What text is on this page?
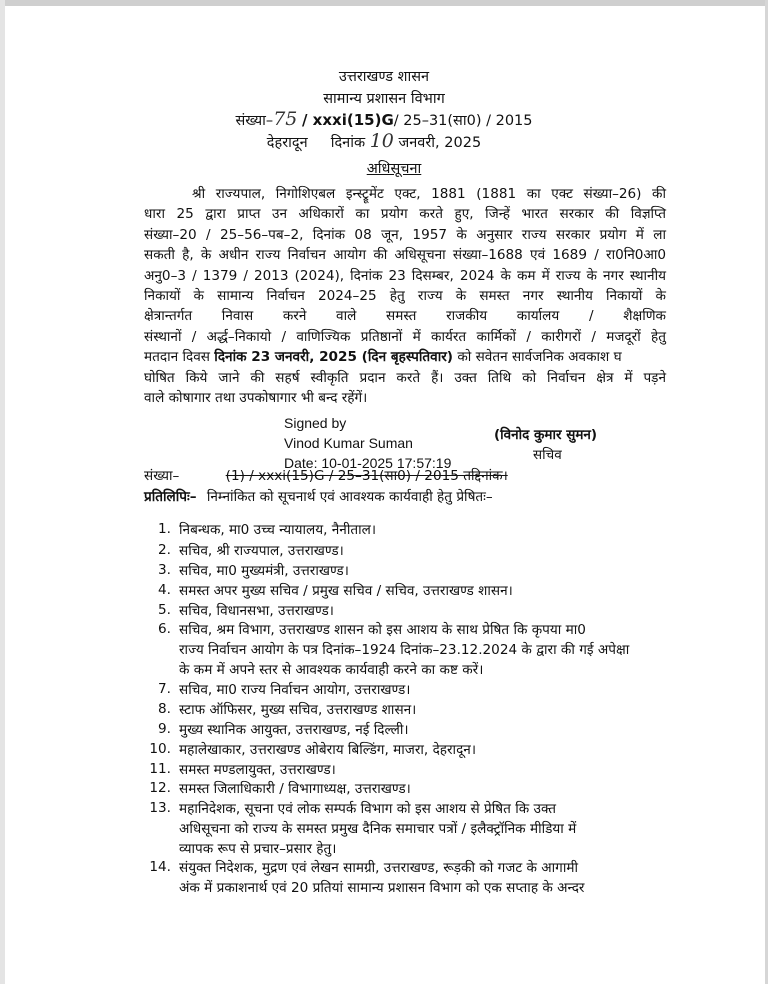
उत्तराखण्ड शासन
सामान्य प्रशासन विभाग
संख्या–75 / xxxi(15)G/ 25–31(सा0) / 2015
देहरादून दिनांक 10 जनवरी, 2025
अधिसूचना
श्री राज्यपाल, निगोशिएबल इन्स्ट्रूमेंट एक्ट, 1881 (1881 का एक्ट संख्या–26) की
धारा 25 द्वारा प्राप्त उन अधिकारों का प्रयोग करते हुए, जिन्हें भारत सरकार की विज्ञप्ति
संख्या–20 / 25–56–पब–2, दिनांक 08 जून, 1957 के अनुसार राज्य सरकार प्रयोग में ला
सकती है, के अधीन राज्य निर्वाचन आयोग की अधिसूचना संख्या–1688 एवं 1689 / रा0नि0आ0
अनु0–3 / 1379 / 2013 (2024), दिनांक 23 दिसम्बर, 2024 के कम में राज्य के नगर स्थानीय
निकायों के सामान्य निर्वाचन 2024–25 हेतु राज्य के समस्त नगर स्थानीय निकायों के
क्षेत्रान्तर्गत निवास करने वाले समस्त राजकीय कार्यालय / शैक्षणिक
संस्थानों / अर्द्ध–निकायो / वाणिज्यिक प्रतिष्ठानों में कार्यरत कार्मिकों / कारीगरों / मजदूरों हेतु
मतदान दिवस दिनांक 23 जनवरी, 2025 (दिन बृहस्पतिवार) को सवेतन सार्वजनिक अवकाश घ
घोषित किये जाने की सहर्ष स्वीकृति प्रदान करते हैं। उक्त तिथि को निर्वाचन क्षेत्र में पड़ने
वाले कोषागार तथा उपकोषागार भी बन्द रहेंगें।
Signed by
Vinod Kumar Suman
Date: 10-01-2025 17:57:19
(विनोद कुमार सुमन)
सचिव
संख्या–	(1) / xxxi(15)G / 25–31(सा0) / 2015 तद्दिनांक।
प्रतिलिपिः– निम्नांकित को सूचनार्थ एवं आवश्यक कार्यवाही हेतु प्रेषितः–
1. निबन्धक, मा0 उच्च न्यायालय, नैनीताल।
2. सचिव, श्री राज्यपाल, उत्तराखण्ड।
3. सचिव, मा0 मुख्यमंत्री, उत्तराखण्ड।
4. समस्त अपर मुख्य सचिव / प्रमुख सचिव / सचिव, उत्तराखण्ड शासन।
5. सचिव, विधानसभा, उत्तराखण्ड।
6. सचिव, श्रम विभाग, उत्तराखण्ड शासन को इस आशय के साथ प्रेषित कि कृपया मा0
राज्य निर्वाचन आयोग के पत्र दिनांक–1924 दिनांक–23.12.2024 के द्वारा की गई अपेक्षा
के कम में अपने स्तर से आवश्यक कार्यवाही करने का कष्ट करें।
7. सचिव, मा0 राज्य निर्वाचन आयोग, उत्तराखण्ड।
8. स्टाफ ऑफिसर, मुख्य सचिव, उत्तराखण्ड शासन।
9. मुख्य स्थानिक आयुक्त, उत्तराखण्ड, नई दिल्ली।
10. महालेखाकार, उत्तराखण्ड ओबेराय बिल्डिंग, माजरा, देहरादून।
11. समस्त मण्डलायुक्त, उत्तराखण्ड।
12. समस्त जिलाधिकारी / विभागाध्यक्ष, उत्तराखण्ड।
13. महानिदेशक, सूचना एवं लोक सम्पर्क विभाग को इस आशय से प्रेषित कि उक्त
अधिसूचना को राज्य के समस्त प्रमुख दैनिक समाचार पत्रों / इलैक्ट्रॉनिक मीडिया में
व्यापक रूप से प्रचार–प्रसार हेतु।
14. संयुक्त निदेशक, मुद्रण एवं लेखन सामग्री, उत्तराखण्ड, रूड़की को गजट के आगामी
अंक में प्रकाशनार्थ एवं 20 प्रतियां सामान्य प्रशासन विभाग को एक सप्ताह के अन्दर
